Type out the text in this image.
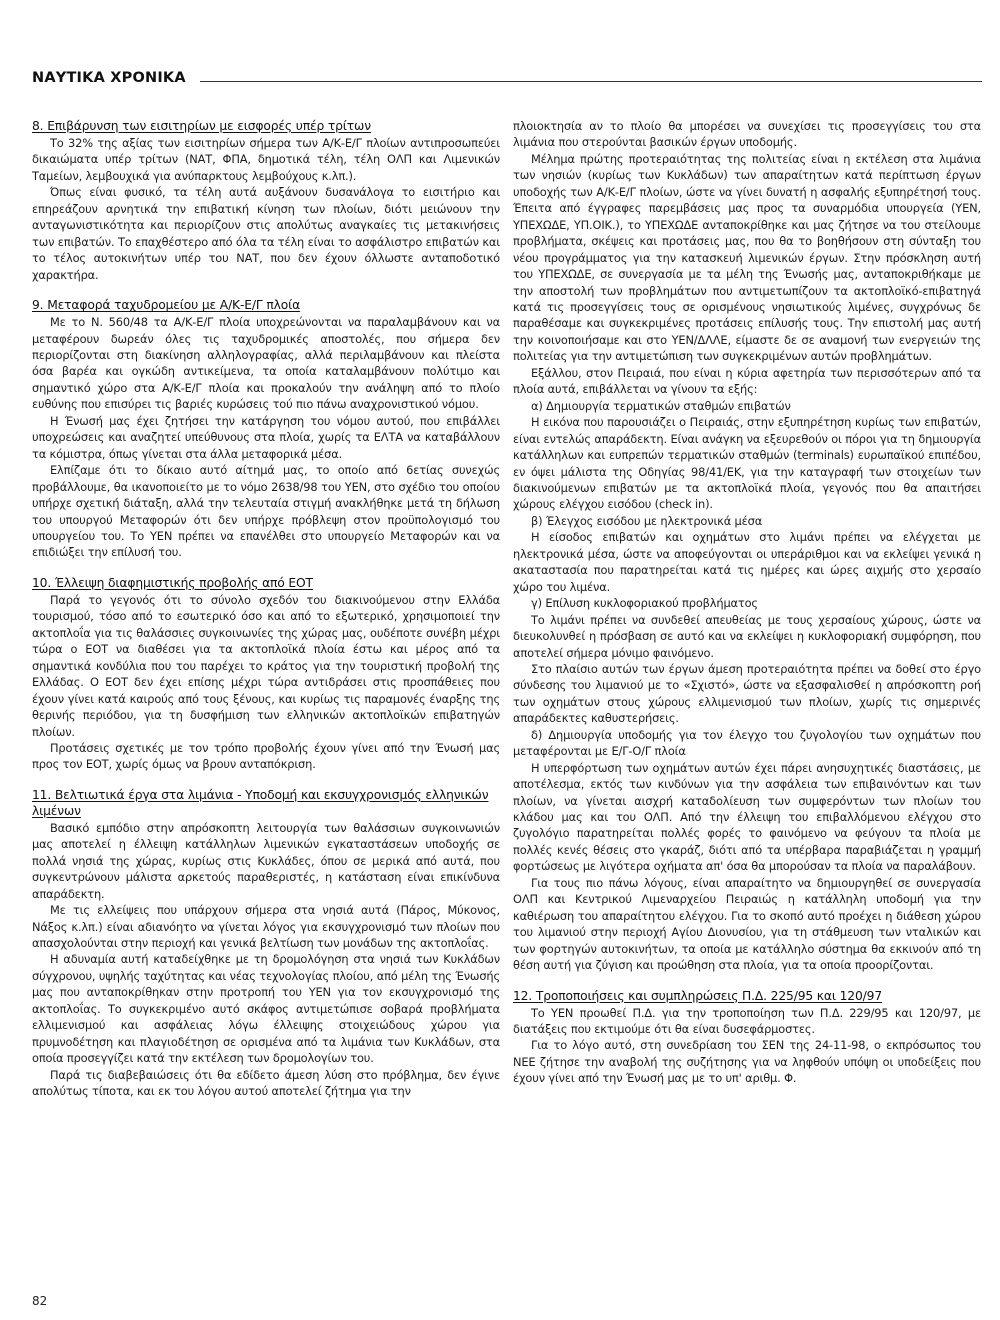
ΝΑΥΤΙΚΑ ΧΡΟΝΙΚΑ
8. Επιβάρυνση των εισιτηρίων με εισφορές υπέρ τρίτων

Το 32% της αξίας των εισιτηρίων σήμερα των Α/Κ-Ε/Γ πλοίων αντιπροσωπεύει δικαιώματα υπέρ τρίτων (ΝΑΤ, ΦΠΑ, δημοτικά τέλη, τέλη ΟΛΠ και Λιμενικών Ταμείων, λεμβουχικά για ανύπαρκτους λεμβούχους κ.λπ.).

Όπως είναι φυσικό, τα τέλη αυτά αυξάνουν δυσανάλογα το εισιτήριο και επηρεάζουν αρνητικά την επιβατική κίνηση των πλοίων, διότι μειώνουν την ανταγωνιστικότητα και περιορίζουν στις απολύτως αναγκαίες τις μετακινήσεις των επιβατών. Το επαχθέστερο από όλα τα τέλη είναι το ασφάλιστρο επιβατών και το τέλος αυτοκινήτων υπέρ του ΝΑΤ, που δεν έχουν όλλωστε ανταποδοτικό χαρακτήρα.

9. Μεταφορά ταχυδρομείου με Α/Κ-Ε/Γ πλοία

Με το Ν. 560/48 τα Α/Κ-Ε/Γ πλοία υποχρεώνονται να παραλαμβάνουν και να μεταφέρουν δωρεάν όλες τις ταχυδρομικές αποστολές, που σήμερα δεν περιορίζονται στη διακίνηση αλληλογραφίας, αλλά περιλαμβάνουν και πλείστα όσα βαρέα και ογκώδη αντικείμενα, τα οποία καταλαμβάνουν πολύτιμο και σημαντικό χώρο στα Α/Κ-Ε/Γ πλοία και προκαλούν την ανάληψη από το πλοίο ευθύνης που επισύρει τις βαριές κυρώσεις τού πιο πάνω αναχρονιστικού νόμου.

Η Ένωσή μας έχει ζητήσει την κατάργηση του νόμου αυτού, που επιβάλλει υποχρεώσεις και αναζητεί υπεύθυνους στα πλοία, χωρίς τα ΕΛΤΑ να καταβάλλουν τα κόμιστρα, όπως γίνεται στα άλλα μεταφορικά μέσα.

Ελπίζαμε ότι το δίκαιο αυτό αίτημά μας, το οποίο από 6ετίας συνεχώς προβάλλουμε, θα ικανοποιείτο με το νόμο 2638/98 του ΥΕΝ, στο σχέδιο του οποίου υπήρχε σχετική διάταξη, αλλά την τελευταία στιγμή ανακλήθηκε μετά τη δήλωση του υπουργού Μεταφορών ότι δεν υπήρχε πρόβλεψη στον προϋπολογισμό του υπουργείου του. Το ΥΕΝ πρέπει να επανέλθει στο υπουργείο Μεταφορών και να επιδιώξει την επίλυσή του.

10. Έλλειψη διαφημιστικής προβολής από ΕΟΤ

Παρά το γεγονός ότι το σύνολο σχεδόν του διακινούμενου στην Ελλάδα τουρισμού, τόσο από το εσωτερικό όσο και από το εξωτερικό, χρησιμοποιεί την ακτοπλοΐα για τις θαλάσσιες συγκοινωνίες της χώρας μας, ουδέποτε συνέβη μέχρι τώρα ο ΕΟΤ να διαθέσει για τα ακτοπλοϊκά πλοία έστω και μέρος από τα σημαντικά κονδύλια που του παρέχει το κράτος για την τουριστική προβολή της Ελλάδας. Ο ΕΟΤ δεν έχει επίσης μέχρι τώρα αντιδράσει στις προσπάθειες που έχουν γίνει κατά καιρούς από τους ξένους, και κυρίως τις παραμονές έναρξης της θερινής περιόδου, για τη δυσφήμιση των ελληνικών ακτοπλοϊκών επιβατηγών πλοίων.

Προτάσεις σχετικές με τον τρόπο προβολής έχουν γίνει από την Ένωσή μας προς τον ΕΟΤ, χωρίς όμως να βρουν ανταπόκριση.

11. Βελτιωτικά έργα στα λιμάνια - Υποδομή και εκσυγχρονισμός ελληνικών λιμένων

Βασικό εμπόδιο στην απρόσκοπτη λειτουργία των θαλάσσιων συγκοινωνιών μας αποτελεί η έλλειψη κατάλληλων λιμενικών εγκαταστάσεων υποδοχής σε πολλά νησιά της χώρας, κυρίως στις Κυκλάδες, όπου σε μερικά από αυτά, που συγκεντρώνουν μάλιστα αρκετούς παραθεριστές, η κατάσταση είναι επικίνδυνα απαράδεκτη.

Με τις ελλείψεις που υπάρχουν σήμερα στα νησιά αυτά (Πάρος, Μύκονος, Νάξος κ.λπ.) είναι αδιανόητο να γίνεται λόγος για εκσυγχρονισμό των πλοίων που απασχολούνται στην περιοχή και γενικά βελτίωση των μονάδων της ακτοπλοΐας.

Η αδυναμία αυτή καταδείχθηκε με τη δρομολόγηση στα νησιά των Κυκλάδων σύγχρονου, υψηλής ταχύτητας και νέας τεχνολογίας πλοίου, από μέλη της Ένωσής μας που ανταποκρίθηκαν στην προτροπή του ΥΕΝ για τον εκσυγχρονισμό της ακτοπλοΐας. Το συγκεκριμένο αυτό σκάφος αντιμετώπισε σοβαρά προβλήματα ελλιμενισμού και ασφάλειας λόγω έλλειψης στοιχειώδους χώρου για πρυμνοδέτηση και πλαγιοδέτηση σε ορισμένα από τα λιμάνια των Κυκλάδων, στα οποία προσεγγίζει κατά την εκτέλεση των δρομολογίων του.

Παρά τις διαβεβαιώσεις ότι θα εδίδετο άμεση λύση στο πρόβλημα, δεν έγινε απολύτως τίποτα, και εκ του λόγου αυτού αποτελεί ζήτημα για την

πλοιοκτησία αν το πλοίο θα μπορέσει να συνεχίσει τις προσεγγίσεις του στα λιμάνια που στερούνται βασικών έργων υποδομής.

Μέλημα πρώτης προτεραιότητας της πολιτείας είναι η εκτέλεση στα λιμάνια των νησιών (κυρίως των Κυκλάδων) των απαραίτητων κατά περίπτωση έργων υποδοχής των Α/Κ-Ε/Γ πλοίων, ώστε να γίνει δυνατή η ασφαλής εξυπηρέτησή τους. Έπειτα από έγγραφες παρεμβάσεις μας προς τα συναρμόδια υπουργεία (ΥΕΝ, ΥΠΕΧΩΔΕ, ΥΠ.ΟΙΚ.), το ΥΠΕΧΩΔΕ ανταποκρίθηκε και μας ζήτησε να του στείλουμε προβλήματα, σκέψεις και προτάσεις μας, που θα το βοηθήσουν στη σύνταξη του νέου προγράμματος για την κατασκευή λιμενικών έργων. Στην πρόσκληση αυτή του ΥΠΕΧΩΔΕ, σε συνεργασία με τα μέλη της Ένωσής μας, ανταποκριθήκαμε με την αποστολή των προβλημάτων που αντιμετωπίζουν τα ακτοπλοϊκό-επιβατηγά κατά τις προσεγγίσεις τους σε ορισμένους νησιωτικούς λιμένες, συγχρόνως δε παραθέσαμε και συγκεκριμένες προτάσεις επίλυσής τους. Την επιστολή μας αυτή την κοινοποιήσαμε και στο ΥΕΝ/ΔΛΛΕ, είμαστε δε σε αναμονή των ενεργειών της πολιτείας για την αντιμετώπιση των συγκεκριμένων αυτών προβλημάτων.

Εξάλλου, στον Πειραιά, που είναι η κύρια αφετηρία των περισσότερων από τα πλοία αυτά, επιβάλλεται να γίνουν τα εξής:

α) Δημιουργία τερματικών σταθμών επιβατών

Η εικόνα που παρουσιάζει ο Πειραιάς, στην εξυπηρέτηση κυρίως των επιβατών, είναι εντελώς απαράδεκτη. Είναι ανάγκη να εξευρεθούν οι πόροι για τη δημιουργία κατάλληλων και ευπρεπών τερματικών σταθμών (terminals) ευρωπαϊκού επιπέδου, εν όψει μάλιστα της Οδηγίας 98/41/ΕΚ, για την καταγραφή των στοιχείων των διακινούμενων επιβατών με τα ακτοπλοϊκά πλοία, γεγονός που θα απαιτήσει χώρους ελέγχου εισόδου (check in).

β) Έλεγχος εισόδου με ηλεκτρονικά μέσα

Η είσοδος επιβατών και οχημάτων στο λιμάνι πρέπει να ελέγχεται με ηλεκτρονικά μέσα, ώστε να αποφεύγονται οι υπεράριθμοι και να εκλείψει γενικά η ακαταστασία που παρατηρείται κατά τις ημέρες και ώρες αιχμής στο χερσαίο χώρο του λιμένα.

γ) Επίλυση κυκλοφοριακού προβλήματος

Το λιμάνι πρέπει να συνδεθεί απευθείας με τους χερσαίους χώρους, ώστε να διευκολυνθεί η πρόσβαση σε αυτό και να εκλείψει η κυκλοφοριακή συμφόρηση, που αποτελεί σήμερα μόνιμο φαινόμενο.

Στο πλαίσιο αυτών των έργων άμεση προτεραιότητα πρέπει να δοθεί στο έργο σύνδεσης του λιμανιού με το «Σχιστό», ώστε να εξασφαλισθεί η απρόσκοπτη ροή των οχημάτων στους χώρους ελλιμενισμού των πλοίων, χωρίς τις σημερινές απαράδεκτες καθυστερήσεις.

δ) Δημιουργία υποδομής για τον έλεγχο του ζυγολογίου των οχημάτων που μεταφέρονται με Ε/Γ-Ο/Γ πλοία

Η υπερφόρτωση των οχημάτων αυτών έχει πάρει ανησυχητικές διαστάσεις, με αποτέλεσμα, εκτός των κινδύνων για την ασφάλεια των επιβαινόντων και των πλοίων, να γίνεται αισχρή καταδολίευση των συμφερόντων των πλοίων του κλάδου μας και του ΟΛΠ. Από την έλλειψη του επιβαλλόμενου ελέγχου στο ζυγολόγιο παρατηρείται πολλές φορές το φαινόμενο να φεύγουν τα πλοία με πολλές κενές θέσεις στο γκαράζ, διότι από τα υπέρβαρα παραβιάζεται η γραμμή φορτώσεως με λιγότερα οχήματα απ' όσα θα μπορούσαν τα πλοία να παραλάβουν.

Για τους πιο πάνω λόγους, είναι απαραίτητο να δημιουργηθεί σε συνεργασία ΟΛΠ και Κεντρικού Λιμεναρχείου Πειραιώς η κατάλληλη υποδομή για την καθιέρωση του απαραίτητου ελέγχου. Για το σκοπό αυτό προέχει η διάθεση χώρου του λιμανιού στην περιοχή Αγίου Διονυσίου, για τη στάθμευση των νταλικών και των φορτηγών αυτοκινήτων, τα οποία με κατάλληλο σύστημα θα εκκινούν από τη θέση αυτή για ζύγιση και προώθηση στα πλοία, για τα οποία προορίζονται.

12. Τροποποιήσεις και συμπληρώσεις Π.Δ. 225/95 και 120/97

Το ΥΕΝ προωθεί Π.Δ. για την τροποποίηση των Π.Δ. 229/95 και 120/97, με διατάξεις που εκτιμούμε ότι θα είναι δυσεφάρμοστες.

Για το λόγο αυτό, στη συνεδρίαση του ΣΕΝ της 24-11-98, ο εκπρόσωπος του ΝΕΕ ζήτησε την αναβολή της συζήτησης για να ληφθούν υπόψη οι υποδείξεις που έχουν γίνει από την Ένωσή μας με το υπ' αριθμ. Φ.

82
